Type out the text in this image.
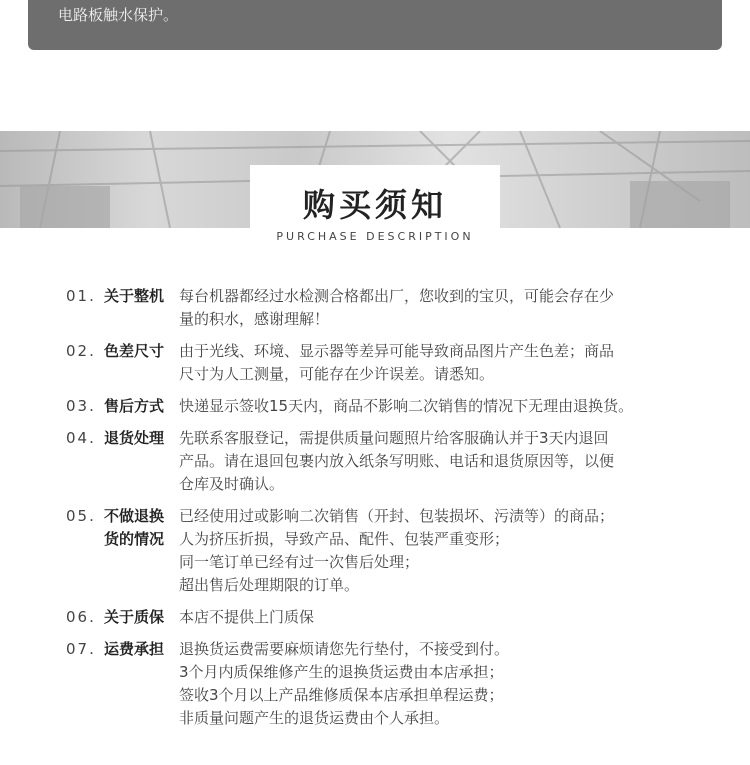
电路板触水保护。
购买须知
PURCHASE DESCRIPTION
01. 关于整机 每台机器都经过水检测合格都出厂，您收到的宝贝，可能会存在少
量的积水，感谢理解！
02. 色差尺寸 由于光线、环境、显示器等差异可能导致商品图片产生色差；商品
尺寸为人工测量，可能存在少许误差。请悉知。
03. 售后方式 快递显示签收15天内，商品不影响二次销售的情况下无理由退换货。
04. 退货处理 先联系客服登记，需提供质量问题照片给客服确认并于3天内退回
产品。请在退回包裹内放入纸条写明账、电话和退货原因等，以便
仓库及时确认。
05. 不做退换
货的情况
已经使用过或影响二次销售（开封、包装损坏、污渍等）的商品；
人为挤压折损，导致产品、配件、包装严重变形；
同一笔订单已经有过一次售后处理；
超出售后处理期限的订单。
06. 关于质保 本店不提供上门质保
07. 运费承担 退换货运费需要麻烦请您先行垫付，不接受到付。
3个月内质保维修产生的退换货运费由本店承担；
签收3个月以上产品维修质保本店承担单程运费；
非质量问题产生的退货运费由个人承担。
